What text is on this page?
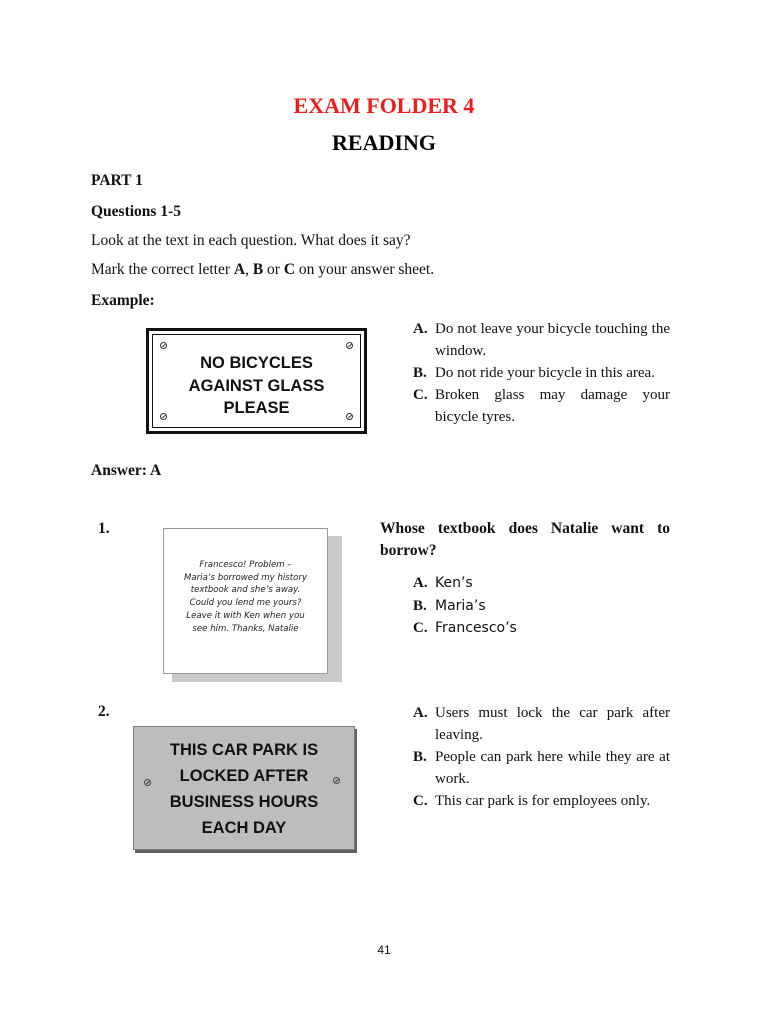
EXAM FOLDER 4
READING
PART 1
Questions 1-5
Look at the text in each question. What does it say?
Mark the correct letter A, B or C on your answer sheet.
Example:
NO BICYCLES
AGAINST GLASS
PLEASE
A. Do not leave your bicycle touching the window.
B. Do not ride your bicycle in this area.
C. Broken glass may damage your bicycle tyres.
Answer: A
1.
Francesco! Problem –
Maria’s borrowed my history
textbook and she’s away.
Could you lend me yours?
Leave it with Ken when you
see him. Thanks, Natalie
Whose textbook does Natalie want to borrow?
A. Ken’s
B. Maria’s
C. Francesco’s
2.
THIS CAR PARK IS
LOCKED AFTER
BUSINESS HOURS
EACH DAY
A. Users must lock the car park after leaving.
B. People can park here while they are at work.
C. This car park is for employees only.
41
